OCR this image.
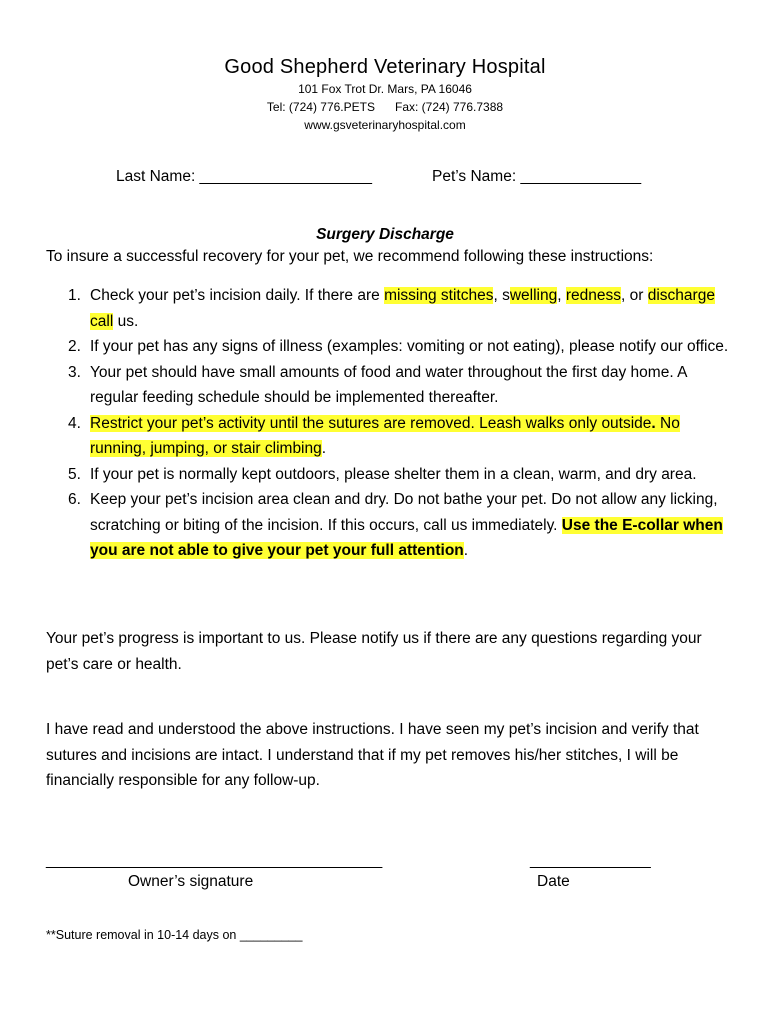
Good Shepherd Veterinary Hospital
101 Fox Trot Dr. Mars, PA 16046
Tel: (724) 776.PETS Fax: (724) 776.7388
www.gsveterinaryhospital.com
Last Name: ____________________	Pet’s Name: ______________
Surgery Discharge
To insure a successful recovery for your pet, we recommend following these instructions:
1. Check your pet’s incision daily. If there are missing stitches, swelling, redness, or discharge call us.
2. If your pet has any signs of illness (examples: vomiting or not eating), please notify our office.
3. Your pet should have small amounts of food and water throughout the first day home. A regular feeding schedule should be implemented thereafter.
4. Restrict your pet’s activity until the sutures are removed. Leash walks only outside. No running, jumping, or stair climbing.
5. If your pet is normally kept outdoors, please shelter them in a clean, warm, and dry area.
6. Keep your pet’s incision area clean and dry. Do not bathe your pet. Do not allow any licking, scratching or biting of the incision. If this occurs, call us immediately. Use the E-collar when you are not able to give your pet your full attention.
Your pet’s progress is important to us. Please notify us if there are any questions regarding your pet’s care or health.
I have read and understood the above instructions. I have seen my pet’s incision and verify that sutures and incisions are intact. I understand that if my pet removes his/her stitches, I will be financially responsible for any follow-up.
_______________________________________	______________
Owner’s signature	Date
**Suture removal in 10-14 days on _________
